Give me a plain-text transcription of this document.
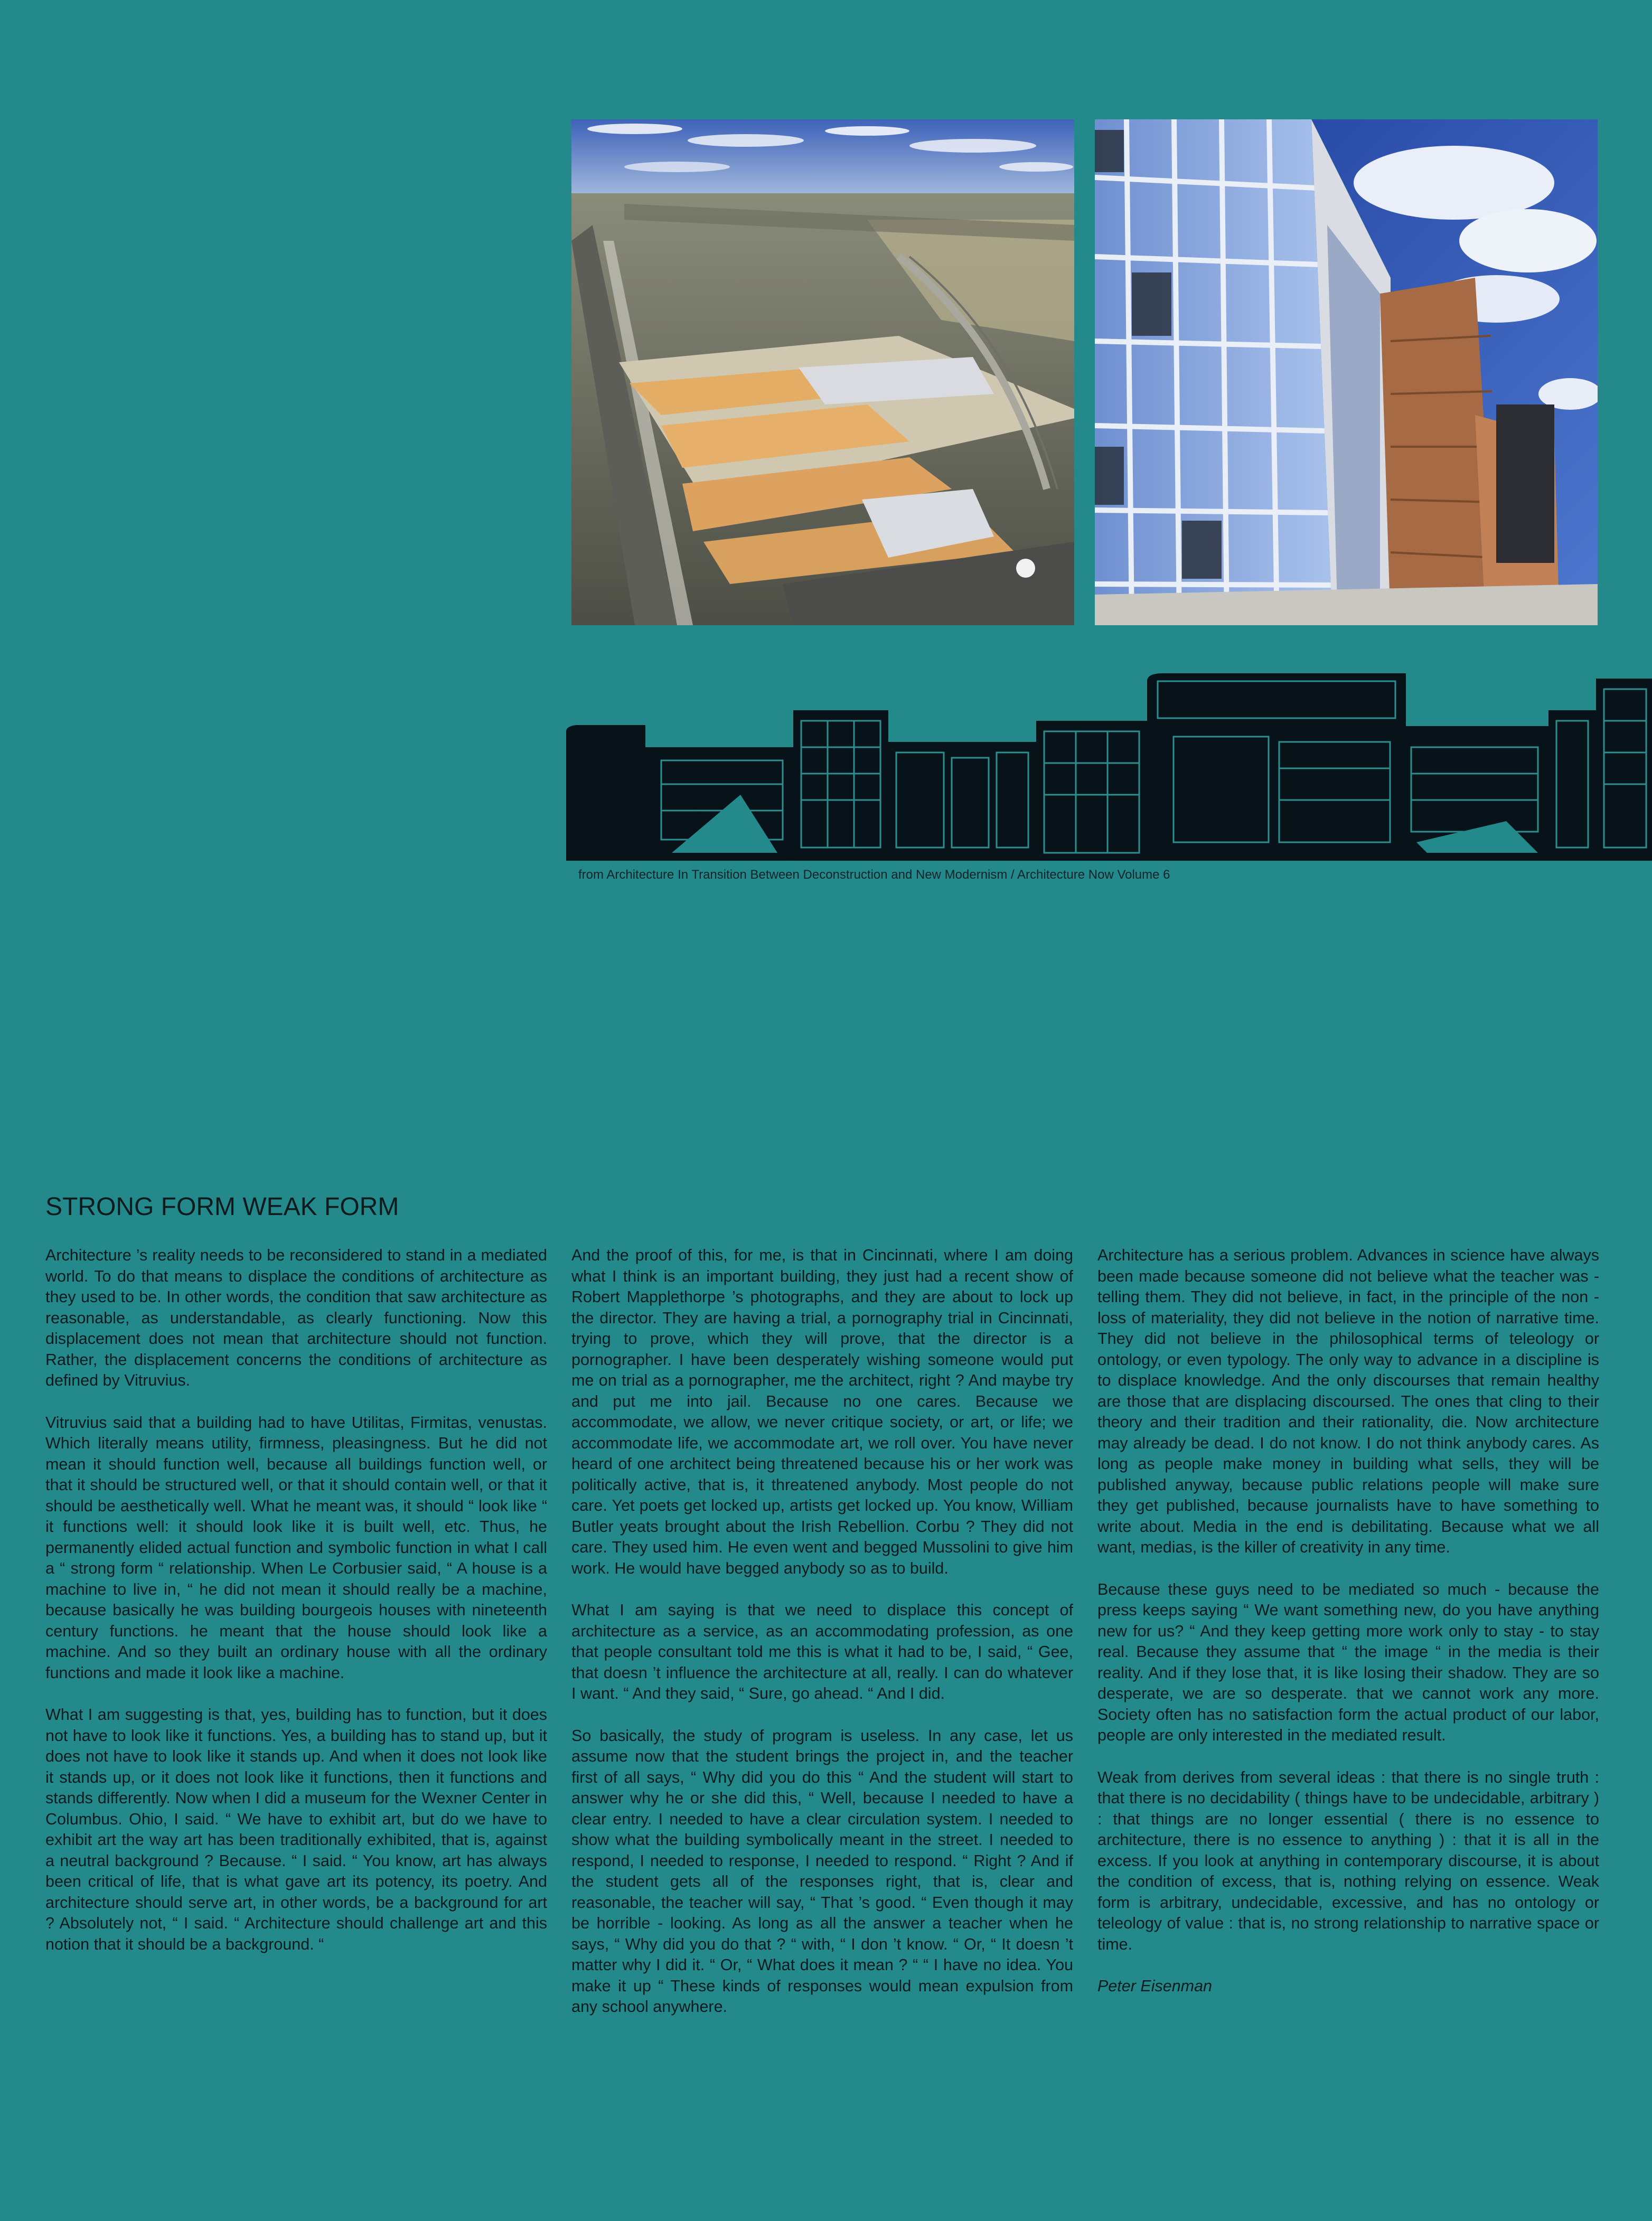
from Architecture In Transition Between Deconstruction and New Modernism / Architecture Now Volume 6
STRONG FORM WEAK FORM

Architecture ’s reality needs to be reconsidered to stand in a mediated world. To do that means to displace the conditions of architecture as they used to be. In other words, the condition that saw architecture as reasonable, as understandable, as clearly functioning. Now this displacement does not mean that architecture should not function. Rather, the displacement concerns the conditions of architecture as defined by Vitruvius.

Vitruvius said that a building had to have Utilitas, Firmitas, venustas. Which literally means utility, firmness, pleasingness. But he did not mean it should function well, because all buildings function well, or that it should be structured well, or that it should contain well, or that it should be aesthetically well. What he meant was, it should “ look like “ it functions well: it should look like it is built well, etc. Thus, he permanently elided actual function and symbolic function in what I call a “ strong form “ relationship. When Le Corbusier said, “ A house is a machine to live in, “ he did not mean it should really be a machine, because basically he was building bourgeois houses with nineteenth century functions. he meant that the house should look like a machine. And so they built an ordinary house with all the ordinary functions and made it look like a machine.

What I am suggesting is that, yes, building has to function, but it does not have to look like it functions. Yes, a building has to stand up, but it does not have to look like it stands up. And when it does not look like it stands up, or it does not look like it functions, then it functions and stands differently. Now when I did a museum for the Wexner Center in Columbus. Ohio, I said. “ We have to exhibit art, but do we have to exhibit art the way art has been traditionally exhibited, that is, against a neutral background ? Because. “ I said. “ You know, art has always been critical of life, that is what gave art its potency, its poetry. And architecture should serve art, in other words, be a background for art ? Absolutely not, “ I said. “ Architecture should challenge art and this notion that it should be a background. “

And the proof of this, for me, is that in Cincinnati, where I am doing what I think is an important building, they just had a recent show of Robert Mapplethorpe ’s photographs, and they are about to lock up the director. They are having a trial, a pornography trial in Cincinnati, trying to prove, which they will prove, that the director is a pornographer. I have been desperately wishing someone would put me on trial as a pornographer, me the architect, right ? And maybe try and put me into jail. Because no one cares. Because we accommodate, we allow, we never critique society, or art, or life; we accommodate life, we accommodate art, we roll over. You have never heard of one architect being threatened because his or her work was politically active, that is, it threatened anybody. Most people do not care. Yet poets get locked up, artists get locked up. You know, William Butler yeats brought about the Irish Rebellion. Corbu ? They did not care. They used him. He even went and begged Mussolini to give him work. He would have begged anybody so as to build.

What I am saying is that we need to displace this concept of architecture as a service, as an accommodating profession, as one that people consultant told me this is what it had to be, I said, “ Gee, that doesn ’t influence the architecture at all, really. I can do whatever I want. “ And they said, “ Sure, go ahead. “ And I did.

So basically, the study of program is useless. In any case, let us assume now that the student brings the project in, and the teacher first of all says, “ Why did you do this “ And the student will start to answer why he or she did this, “ Well, because I needed to have a clear entry. I needed to have a clear circulation system. I needed to show what the building symbolically meant in the street. I needed to respond, I needed to response, I needed to respond. “ Right ? And if the student gets all of the responses right, that is, clear and reasonable, the teacher will say, “ That ’s good. “ Even though it may be horrible - looking. As long as all the answer a teacher when he says, “ Why did you do that ? “ with, “ I don ’t know. “ Or, “ It doesn ’t matter why I did it. “ Or, “ What does it mean ? “ “ I have no idea. You make it up “ These kinds of responses would mean expulsion from any school anywhere.

Architecture has a serious problem. Advances in science have always been made because someone did not believe what the teacher was - telling them. They did not believe, in fact, in the principle of the non - loss of materiality, they did not believe in the notion of narrative time. They did not believe in the philosophical terms of teleology or ontology, or even typology. The only way to advance in a discipline is to displace knowledge. And the only discourses that remain healthy are those that are displacing discoursed. The ones that cling to their theory and their tradition and their rationality, die. Now architecture may already be dead. I do not know. I do not think anybody cares. As long as people make money in building what sells, they will be published anyway, because public relations people will make sure they get published, because journalists have to have something to write about. Media in the end is debilitating. Because what we all want, medias, is the killer of creativity in any time.

Because these guys need to be mediated so much - because the press keeps saying “ We want something new, do you have anything new for us? “ And they keep getting more work only to stay - to stay real. Because they assume that “ the image “ in the media is their reality. And if they lose that, it is like losing their shadow. They are so desperate, we are so desperate. that we cannot work any more. Society often has no satisfaction form the actual product of our labor, people are only interested in the mediated result.

Weak from derives from several ideas : that there is no single truth : that there is no decidability ( things have to be undecidable, arbitrary ) : that things are no longer essential ( there is no essence to architecture, there is no essence to anything ) : that it is all in the excess. If you look at anything in contemporary discourse, it is about the condition of excess, that is, nothing relying on essence. Weak form is arbitrary, undecidable, excessive, and has no ontology or teleology of value : that is, no strong relationship to narrative space or time.

Peter Eisenman
